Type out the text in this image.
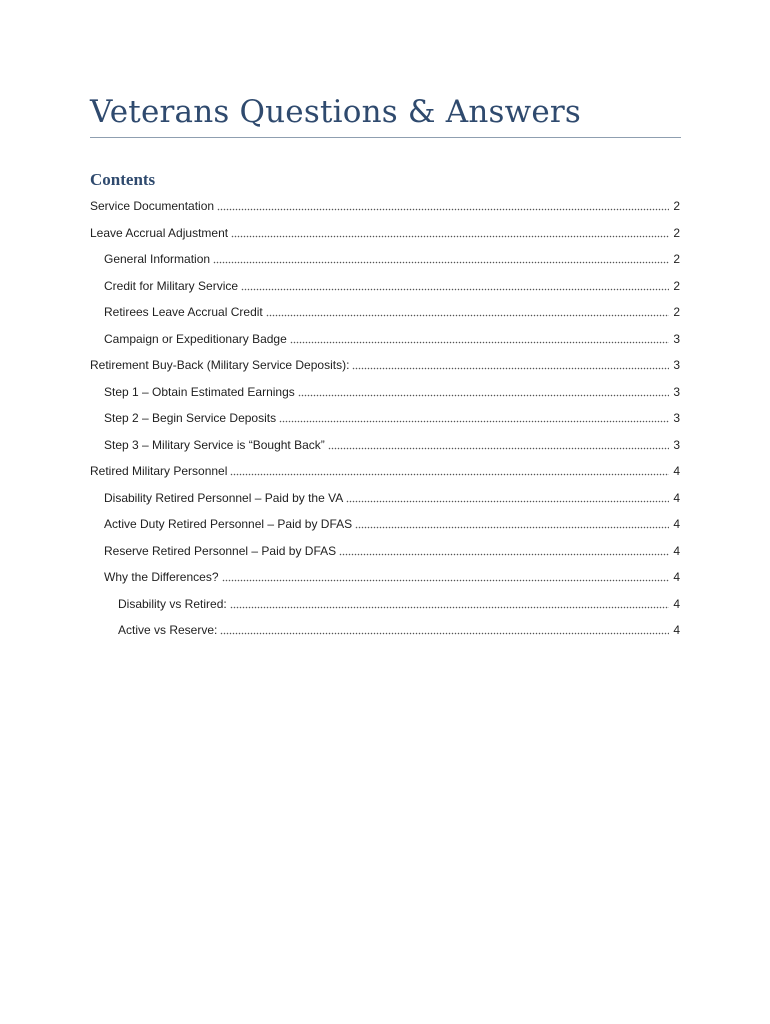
Veterans Questions & Answers
Contents
Service Documentation	2
Leave Accrual Adjustment	2
General Information	2
Credit for Military Service	2
Retirees Leave Accrual Credit	2
Campaign or Expeditionary Badge	3
Retirement Buy-Back (Military Service Deposits):	3
Step 1 – Obtain Estimated Earnings	3
Step 2 – Begin Service Deposits	3
Step 3 – Military Service is “Bought Back”	3
Retired Military Personnel	4
Disability Retired Personnel – Paid by the VA	4
Active Duty Retired Personnel – Paid by DFAS	4
Reserve Retired Personnel – Paid by DFAS	4
Why the Differences?	4
Disability vs Retired:	4
Active vs Reserve:	4
